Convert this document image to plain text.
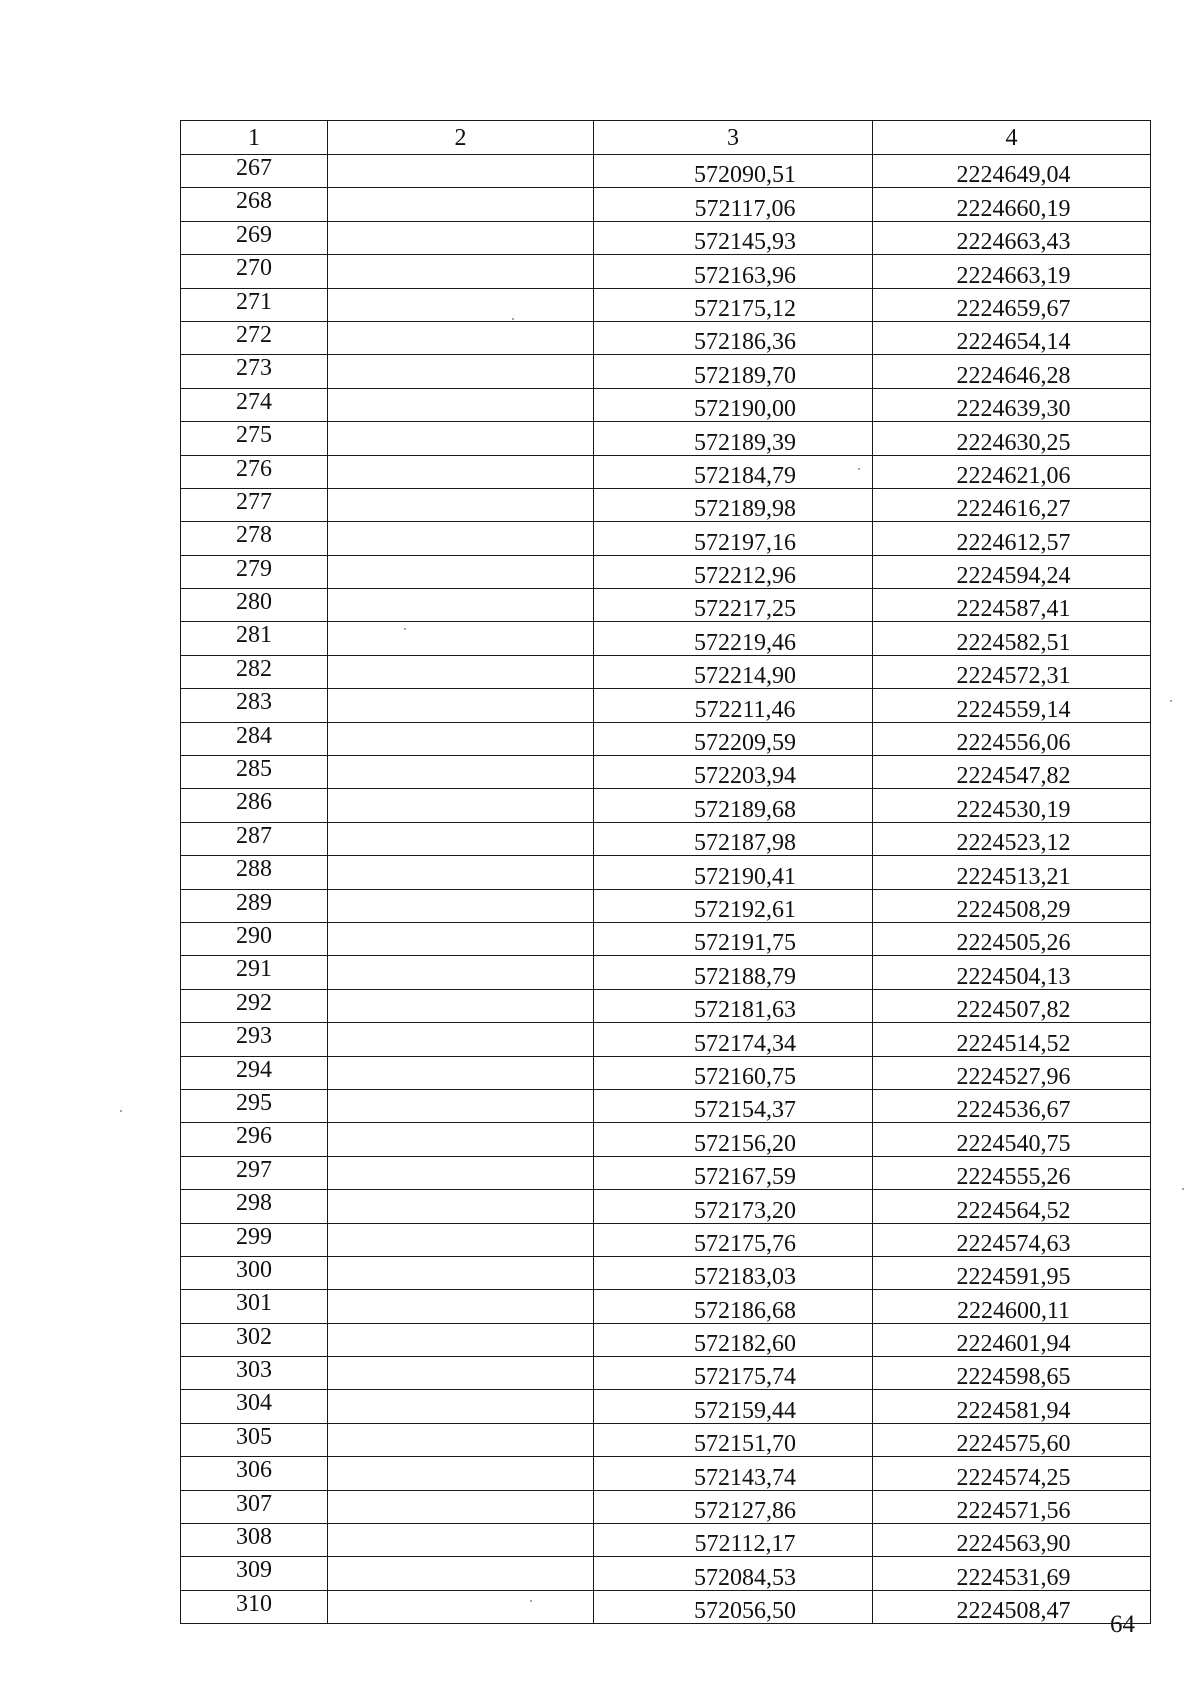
1	2	3	4
267		572090,51	2224649,04
268		572117,06	2224660,19
269		572145,93	2224663,43
270		572163,96	2224663,19
271		572175,12	2224659,67
272		572186,36	2224654,14
273		572189,70	2224646,28
274		572190,00	2224639,30
275		572189,39	2224630,25
276		572184,79	2224621,06
277		572189,98	2224616,27
278		572197,16	2224612,57
279		572212,96	2224594,24
280		572217,25	2224587,41
281		572219,46	2224582,51
282		572214,90	2224572,31
283		572211,46	2224559,14
284		572209,59	2224556,06
285		572203,94	2224547,82
286		572189,68	2224530,19
287		572187,98	2224523,12
288		572190,41	2224513,21
289		572192,61	2224508,29
290		572191,75	2224505,26
291		572188,79	2224504,13
292		572181,63	2224507,82
293		572174,34	2224514,52
294		572160,75	2224527,96
295		572154,37	2224536,67
296		572156,20	2224540,75
297		572167,59	2224555,26
298		572173,20	2224564,52
299		572175,76	2224574,63
300		572183,03	2224591,95
301		572186,68	2224600,11
302		572182,60	2224601,94
303		572175,74	2224598,65
304		572159,44	2224581,94
305		572151,70	2224575,60
306		572143,74	2224574,25
307		572127,86	2224571,56
308		572112,17	2224563,90
309		572084,53	2224531,69
310		572056,50	2224508,47 64
